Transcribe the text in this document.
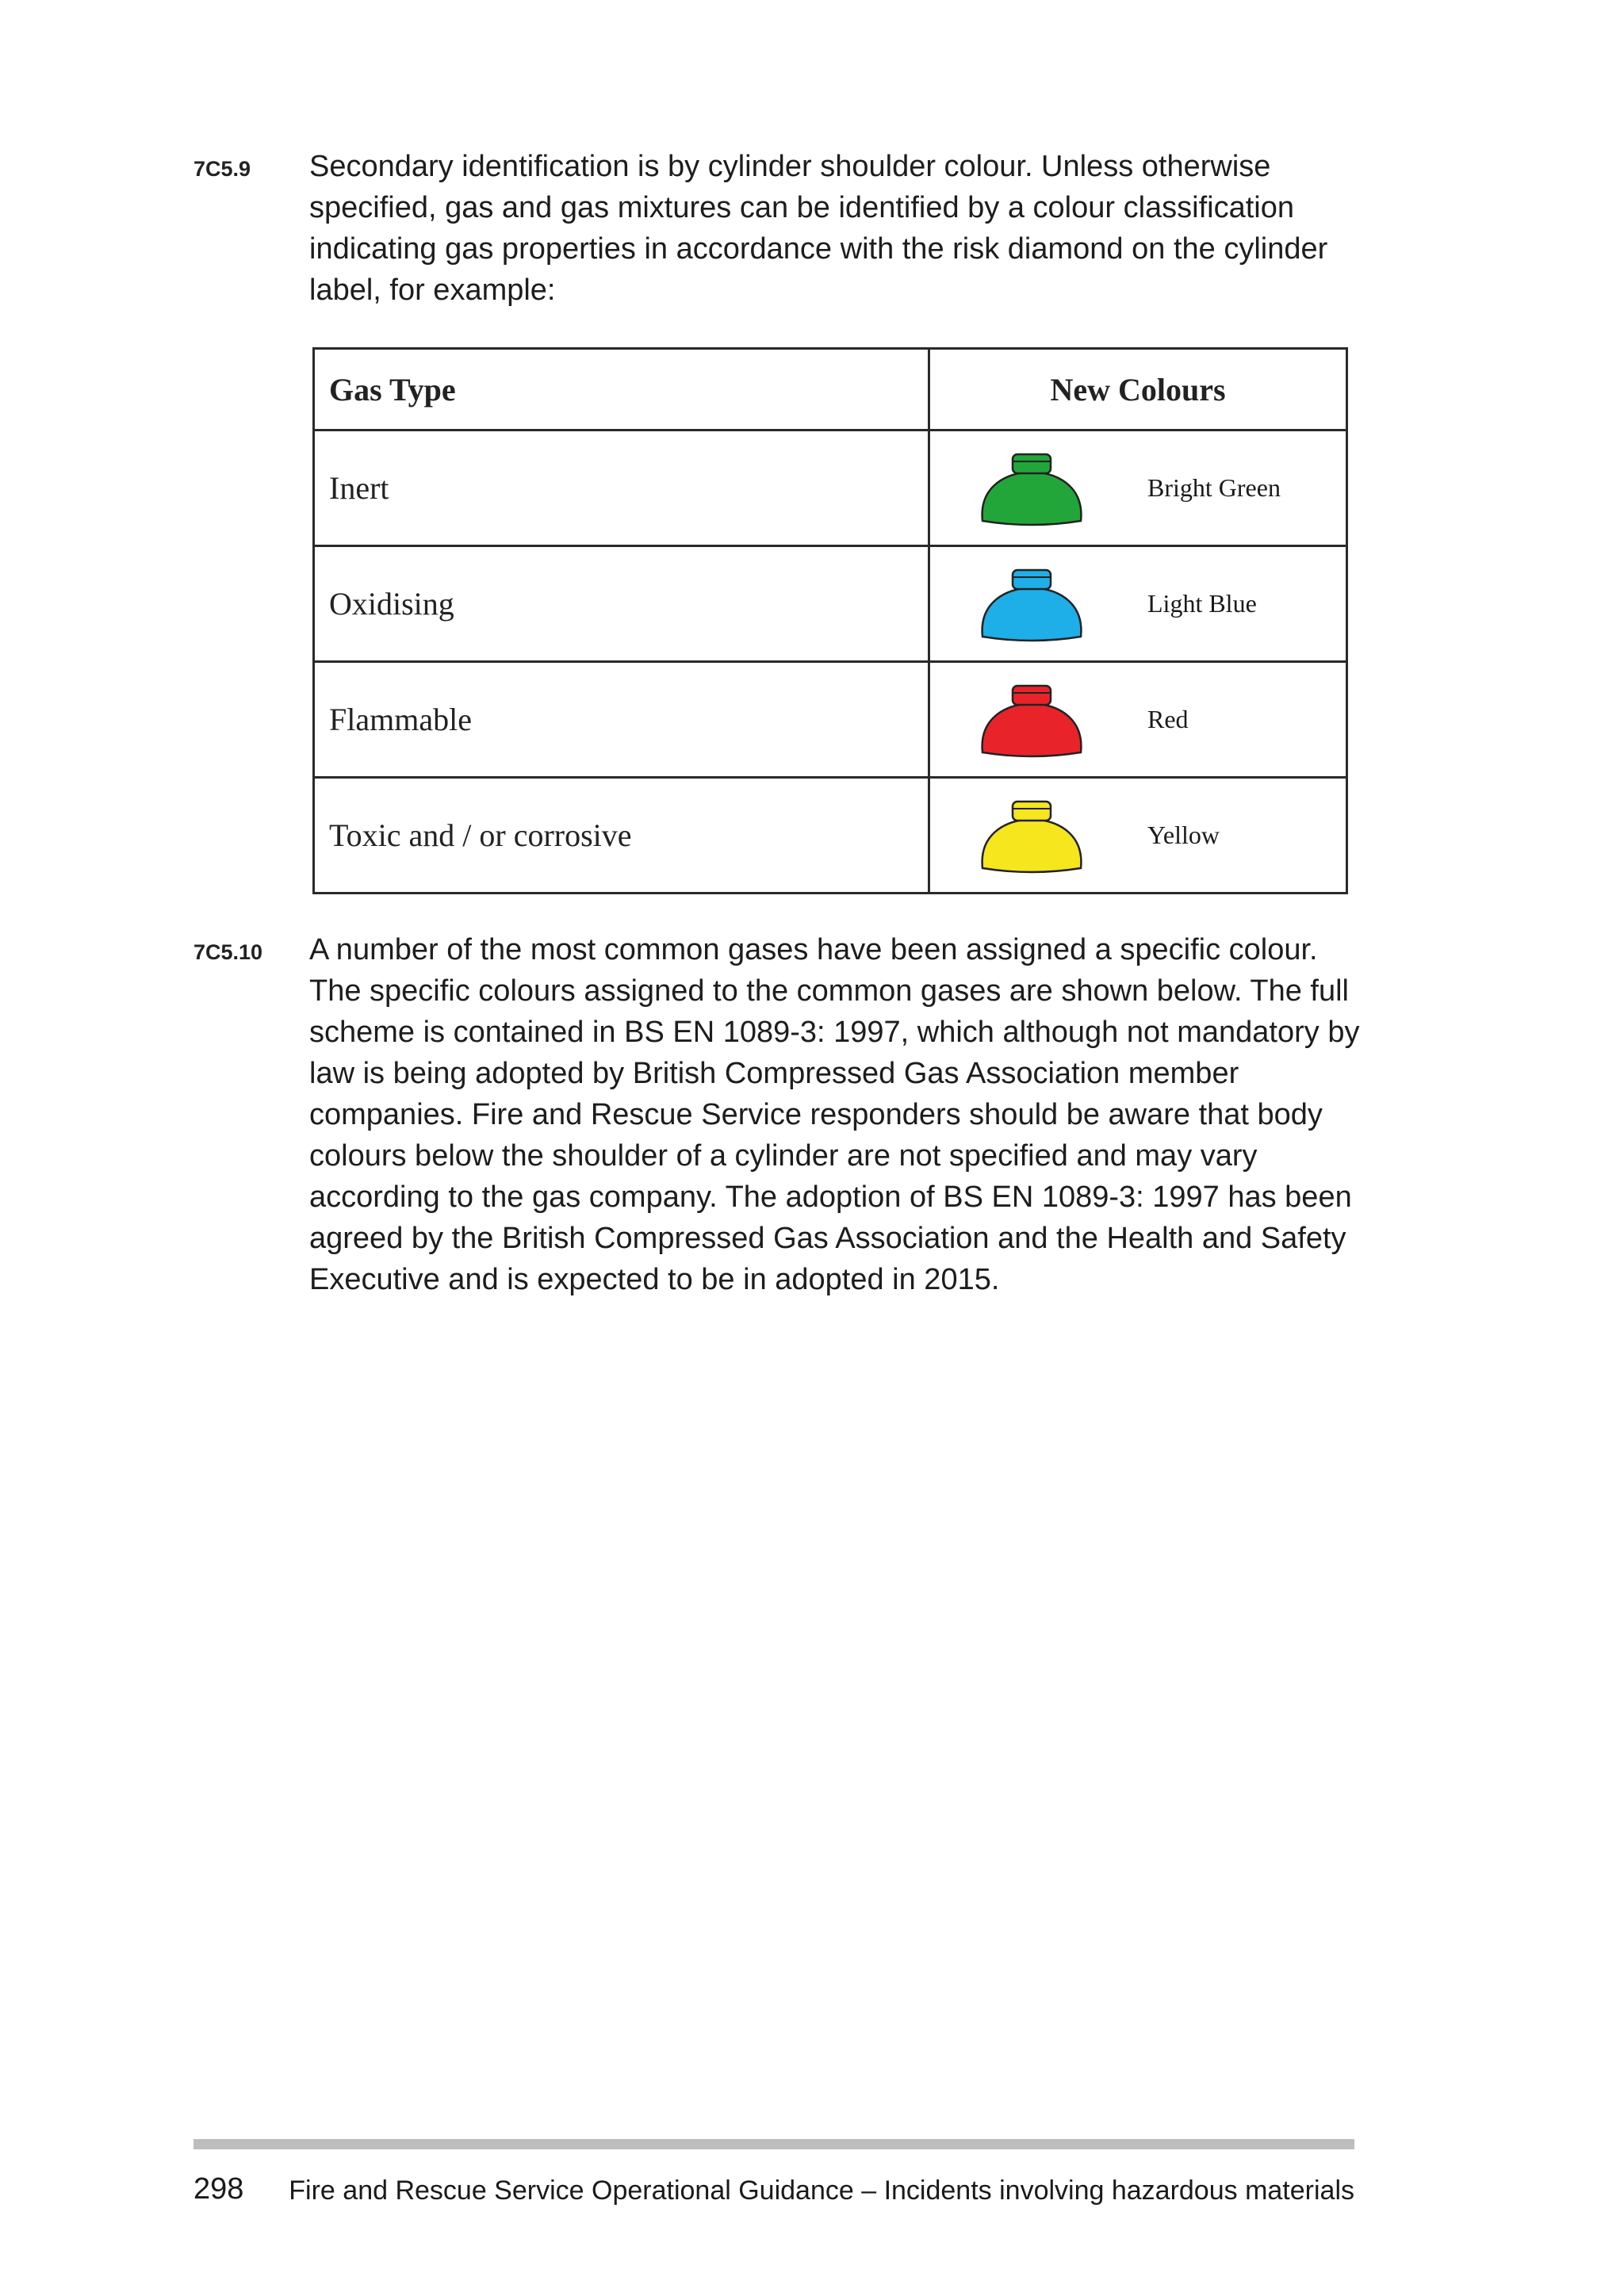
7C5.9	Secondary identification is by cylinder shoulder colour. Unless otherwise specified, gas and gas mixtures can be identified by a colour classification indicating gas properties in accordance with the risk diamond on the cylinder label, for example:
Gas Type	New Colours
Inert	Bright Green

Oxidising	Light Blue

Flammable	Red

Toxic and / or corrosive	Yellow
7C5.10	A number of the most common gases have been assigned a specific colour. The specific colours assigned to the common gases are shown below. The full scheme is contained in BS EN 1089-3: 1997, which although not mandatory by law is being adopted by British Compressed Gas Association member companies. Fire and Rescue Service responders should be aware that body colours below the shoulder of a cylinder are not specified and may vary according to the gas company. The adoption of BS EN 1089-3: 1997 has been agreed by the British Compressed Gas Association and the Health and Safety Executive and is expected to be in adopted in 2015.
298 Fire and Rescue Service Operational Guidance – Incidents involving hazardous materials
